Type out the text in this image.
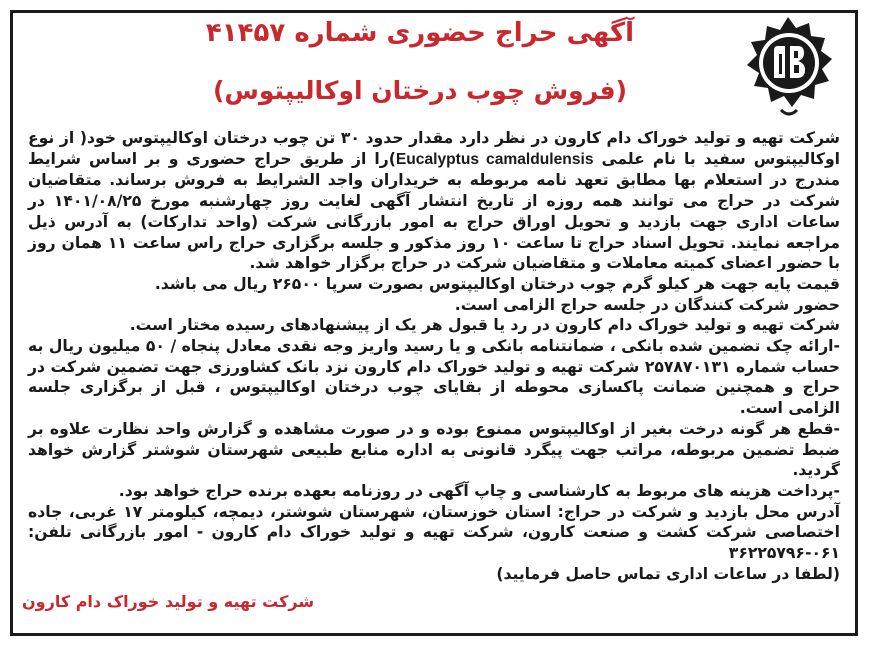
آگهی حراج حضوری شماره ۴۱۴۵۷
(فروش چوب درختان اوکالیپتوس)

شرکت تهیه و تولید خوراک دام کارون در نظر دارد مقدار حدود ۳۰ تن چوب درختان اوکالیپتوس خود( از نوع اوکالیپتوس سفید با نام علمی Eucalyptus camaldulensis)را از طریق حراج حضوری و بر اساس شرایط مندرج در استعلام بها مطابق تعهد نامه مربوطه به خریداران واجد الشرایط به فروش برساند. متقاضیان شرکت در حراج می توانند همه روزه از تاریخ انتشار آگهی لغایت روز چهارشنبه مورخ ۱۴۰۱/۰۸/۲۵ در ساعات اداری جهت بازدید و تحویل اوراق حراج به امور بازرگانی شرکت (واحد تدارکات) به آدرس ذیل مراجعه نمایند. تحویل اسناد حراج تا ساعت ۱۰ روز مذکور و جلسه برگزاری حراج راس ساعت ۱۱ همان روز با حضور اعضای کمیته معاملات و متقاضیان شرکت در حراج برگزار خواهد شد.

قیمت پایه جهت هر کیلو گرم چوب درختان اوکالیپتوس بصورت سرپا ۲۶۵۰۰ ریال می باشد.

حضور شرکت کنندگان در جلسه حراج الزامی است.

شرکت تهیه و تولید خوراک دام کارون در رد یا قبول هر یک از پیشنهادهای رسیده مختار است.

-ارائه چک تضمین شده بانکی ، ضمانتنامه بانکی و یا رسید واریز وجه نقدی معادل پنجاه / ۵۰ میلیون ریال به حساب شماره ۲۵۷۸۷۰۱۳۱ شرکت تهیه و تولید خوراک دام کارون نزد بانک کشاورزی جهت تضمین شرکت در حراج و همچنین ضمانت پاکسازی محوطه از بقایای چوب درختان اوکالیپتوس ، قبل از برگزاری جلسه الزامی است.

-قطع هر گونه درخت بغیر از اوکالیپتوس ممنوع بوده و در صورت مشاهده و گزارش واحد نظارت علاوه بر ضبط تضمین مربوطه، مراتب جهت پیگرد قانونی به اداره منابع طبیعی شهرستان شوشتر گزارش خواهد گردید.

-پرداخت هزینه های مربوط به کارشناسی و چاپ آگهی در روزنامه بعهده برنده حراج خواهد بود.

آدرس محل بازدید و شرکت در حراج: استان خوزستان، شهرستان شوشتر، دیمچه، کیلومتر ۱۷ غربی، جاده اختصاصی شرکت کشت و صنعت کارون، شرکت تهیه و تولید خوراک دام کارون - امور بازرگانی تلفن: ۰۶۱-۳۶۲۲۵۷۹۶

(لطفا در ساعات اداری تماس حاصل فرمایید)

شرکت تهیه و تولید خوراک دام کارون
